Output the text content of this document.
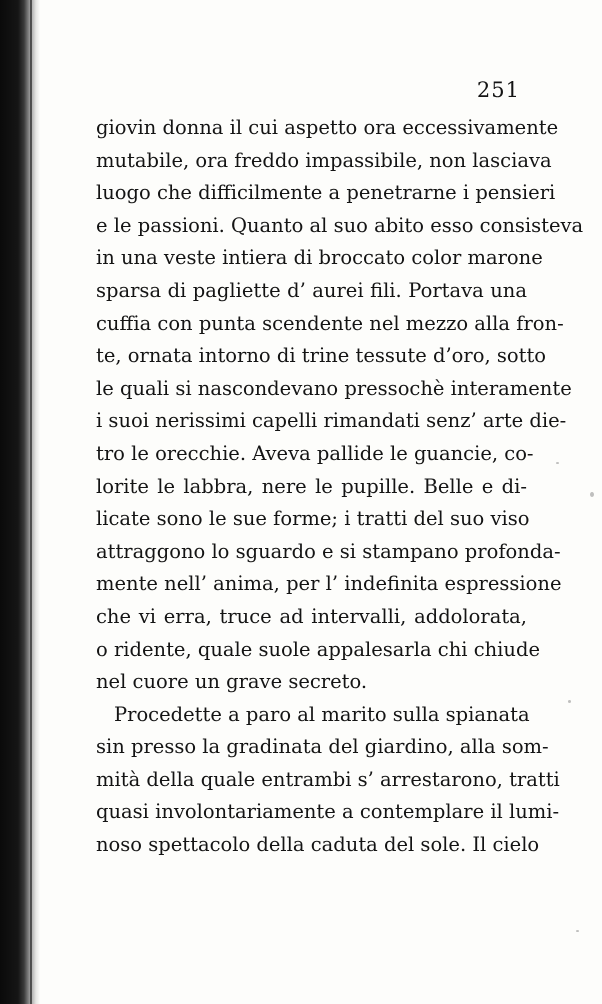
251
giovin donna il cui aspetto ora eccessivamente
mutabile, ora freddo impassibile, non lasciava
luogo che difficilmente a penetrarne i pensieri
e le passioni. Quanto al suo abito esso consisteva
in una veste intiera di broccato color marone
sparsa di pagliette d’ aurei fili. Portava una
cuffia con punta scendente nel mezzo alla fron-
te, ornata intorno di trine tessute d’oro, sotto
le quali si nascondevano pressochè interamente
i suoi nerissimi capelli rimandati senz’ arte die-
tro le orecchie. Aveva pallide le guancie, co-
lorite le labbra, nere le pupille. Belle e di-
licate sono le sue forme; i tratti del suo viso
attraggono lo sguardo e si stampano profonda-
mente nell’ anima, per l’ indefinita espressione
che vi erra, truce ad intervalli, addolorata,
o ridente, quale suole appalesarla chi chiude
nel cuore un grave secreto.
Procedette a paro al marito sulla spianata
sin presso la gradinata del giardino, alla som-
mità della quale entrambi s’ arrestarono, tratti
quasi involontariamente a contemplare il lumi-
noso spettacolo della caduta del sole. Il cielo
